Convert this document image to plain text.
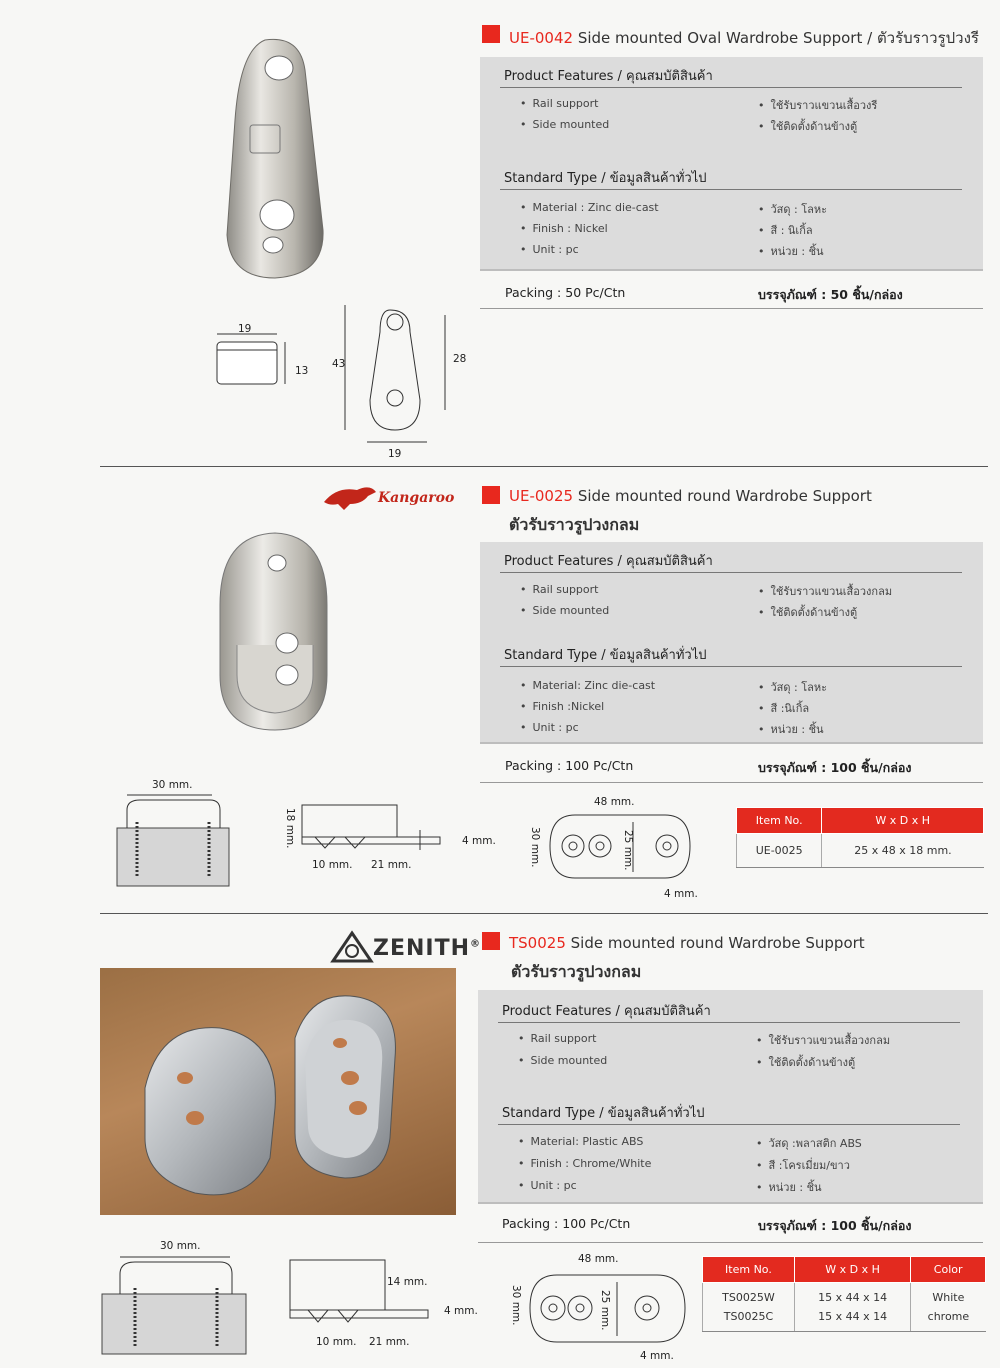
19
13
43	28
19
UE-0042 Side mounted Oval Wardrobe Support / ตัวรับราวรูปวงรี
Product Features / คุณสมบัติสินค้า
• Rail support
• Side mounted
• ใช้รับราวแขวนเสื้อวงรี
• ใช้ติดตั้งด้านข้างตู้
Standard Type / ข้อมูลสินค้าทั่วไป
• Material : Zinc die-cast
• Finish : Nickel
• Unit : pc
• วัสดุ : โลหะ
• สี : นิเกิ้ล
• หน่วย : ชิ้น
Packing : 50 Pc/Ctn	บรรจุภัณฑ์ : 50 ชิ้น/กล่อง
Kangaroo	UE-0025 Side mounted round Wardrobe Support
ตัวรับราวรูปวงกลม
Product Features / คุณสมบัติสินค้า
• Rail support
• Side mounted
• ใช้รับราวแขวนเสื้อวงกลม
• ใช้ติดตั้งด้านข้างตู้
Standard Type / ข้อมูลสินค้าทั่วไป
• Material: Zinc die-cast
• Finish :Nickel
• Unit : pc
• วัสดุ : โลหะ
• สี :นิเกิ้ล
• หน่วย : ชิ้น
Packing : 100 Pc/Ctn	บรรจุภัณฑ์ : 100 ชิ้น/กล่อง
30 mm.
18 mm.	4 mm.
10 mm. 21 mm.
48 mm.
30 mm.	25 mm.
4 mm.
Item No.	W x D x H
UE-0025	25 x 48 x 18 mm.
ZENITH® TS0025 Side mounted round Wardrobe Support
ตัวรับราวรูปวงกลม
Product Features / คุณสมบัติสินค้า
• Rail support
• Side mounted
• ใช้รับราวแขวนเสื้อวงกลม
• ใช้ติดตั้งด้านข้างตู้
Standard Type / ข้อมูลสินค้าทั่วไป
• Material: Plastic ABS
• Finish : Chrome/White
• Unit : pc
• วัสดุ :พลาสติก ABS
• สี :โครเมี่ยม/ขาว
• หน่วย : ชิ้น
Packing : 100 Pc/Ctn	บรรจุภัณฑ์ : 100 ชิ้น/กล่อง
30 mm.
14 mm.
4 mm.
10 mm. 21 mm.
48 mm.
30 mm.	25 mm.
4 mm.
Item No.	W x D x H	Color
TS0025W	15 x 44 x 14	White
TS0025C	15 x 44 x 14	chrome
